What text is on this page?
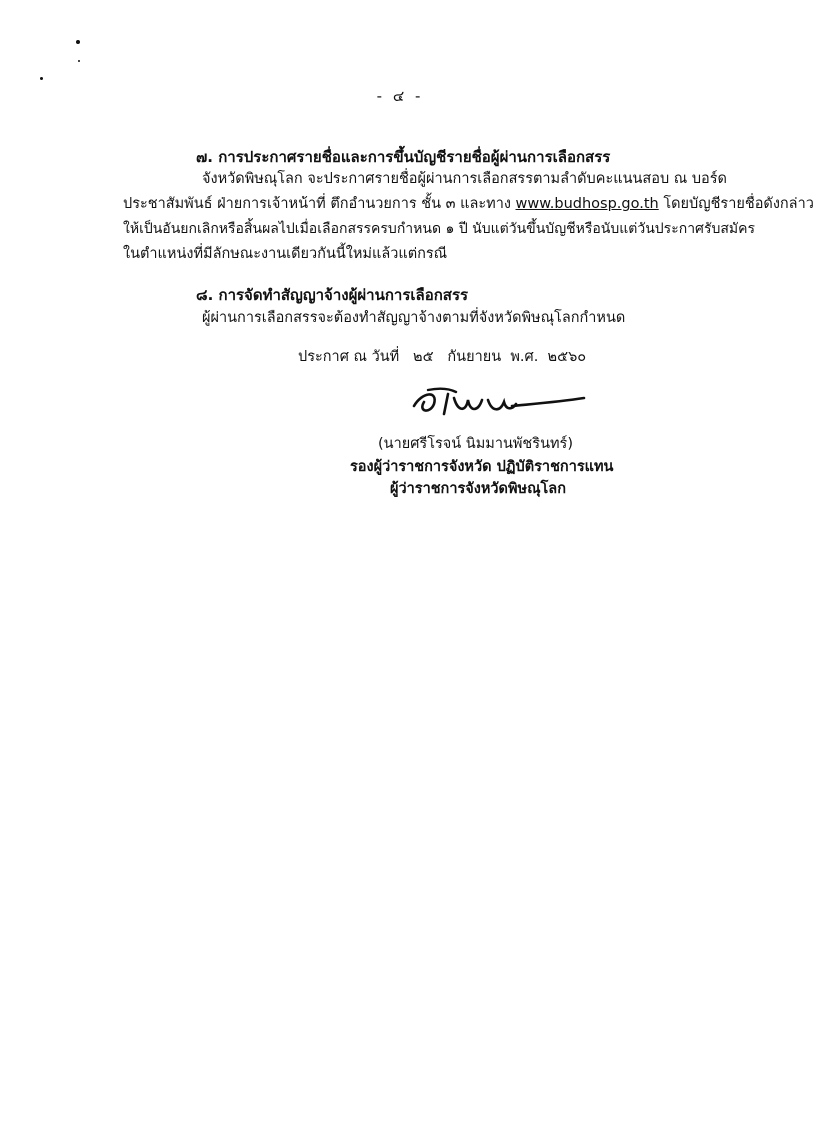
- ๔ -
๗. การประกาศรายชื่อและการขึ้นบัญชีรายชื่อผู้ผ่านการเลือกสรร
จังหวัดพิษณุโลก จะประกาศรายชื่อผู้ผ่านการเลือกสรรตามลำดับคะแนนสอบ ณ บอร์ด
ประชาสัมพันธ์ ฝ่ายการเจ้าหน้าที่ ตึกอำนวยการ ชั้น ๓ และทาง www.budhosp.go.th โดยบัญชีรายชื่อดังกล่าว
ให้เป็นอันยกเลิกหรือสิ้นผลไปเมื่อเลือกสรรครบกำหนด ๑ ปี นับแต่วันขึ้นบัญชีหรือนับแต่วันประกาศรับสมัคร
ในตำแหน่งที่มีลักษณะงานเดียวกันนี้ใหม่แล้วแต่กรณี
๘. การจัดทำสัญญาจ้างผู้ผ่านการเลือกสรร
ผู้ผ่านการเลือกสรรจะต้องทำสัญญาจ้างตามที่จังหวัดพิษณุโลกกำหนด
ประกาศ ณ วันที่   ๒๕   กันยายน  พ.ศ.  ๒๕๖๐
(นายศรีโรจน์ นิมมานพัชรินทร์)
รองผู้ว่าราชการจังหวัด ปฏิบัติราชการแทน
ผู้ว่าราชการจังหวัดพิษณุโลก
